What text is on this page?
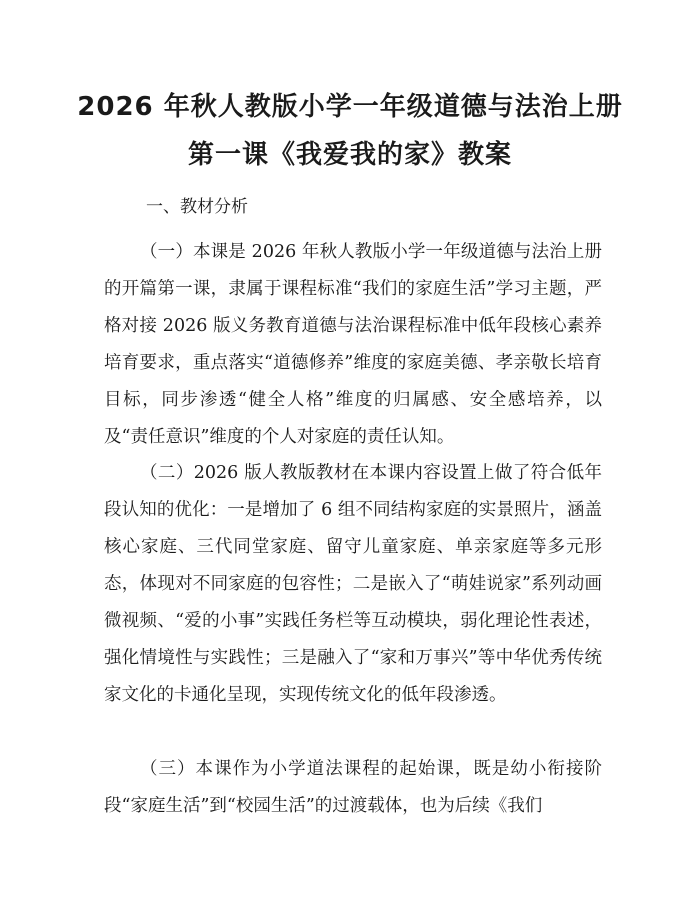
2026 年秋人教版小学一年级道德与法治上册
第一课《我爱我的家》教案
一、教材分析

（一）本课是 2026 年秋人教版小学一年级道德与法治上册的开篇第一课，隶属于课程标准“我们的家庭生活”学习主题，严格对接 2026 版义务教育道德与法治课程标准中低年段核心素养培育要求，重点落实“道德修养”维度的家庭美德、孝亲敬长培育目标，同步渗透“健全人格”维度的归属感、安全感培养，以及“责任意识”维度的个人对家庭的责任认知。

（二）2026 版人教版教材在本课内容设置上做了符合低年段认知的优化：一是增加了 6 组不同结构家庭的实景照片，涵盖核心家庭、三代同堂家庭、留守儿童家庭、单亲家庭等多元形态，体现对不同家庭的包容性；二是嵌入了“萌娃说家”系列动画微视频、“爱的小事”实践任务栏等互动模块，弱化理论性表述，强化情境性与实践性；三是融入了“家和万事兴”等中华优秀传统家文化的卡通化呈现，实现传统文化的低年段渗透。

（三）本课作为小学道法课程的起始课，既是幼小衔接阶段“家庭生活”到“校园生活”的过渡载体，也为后续《我们
